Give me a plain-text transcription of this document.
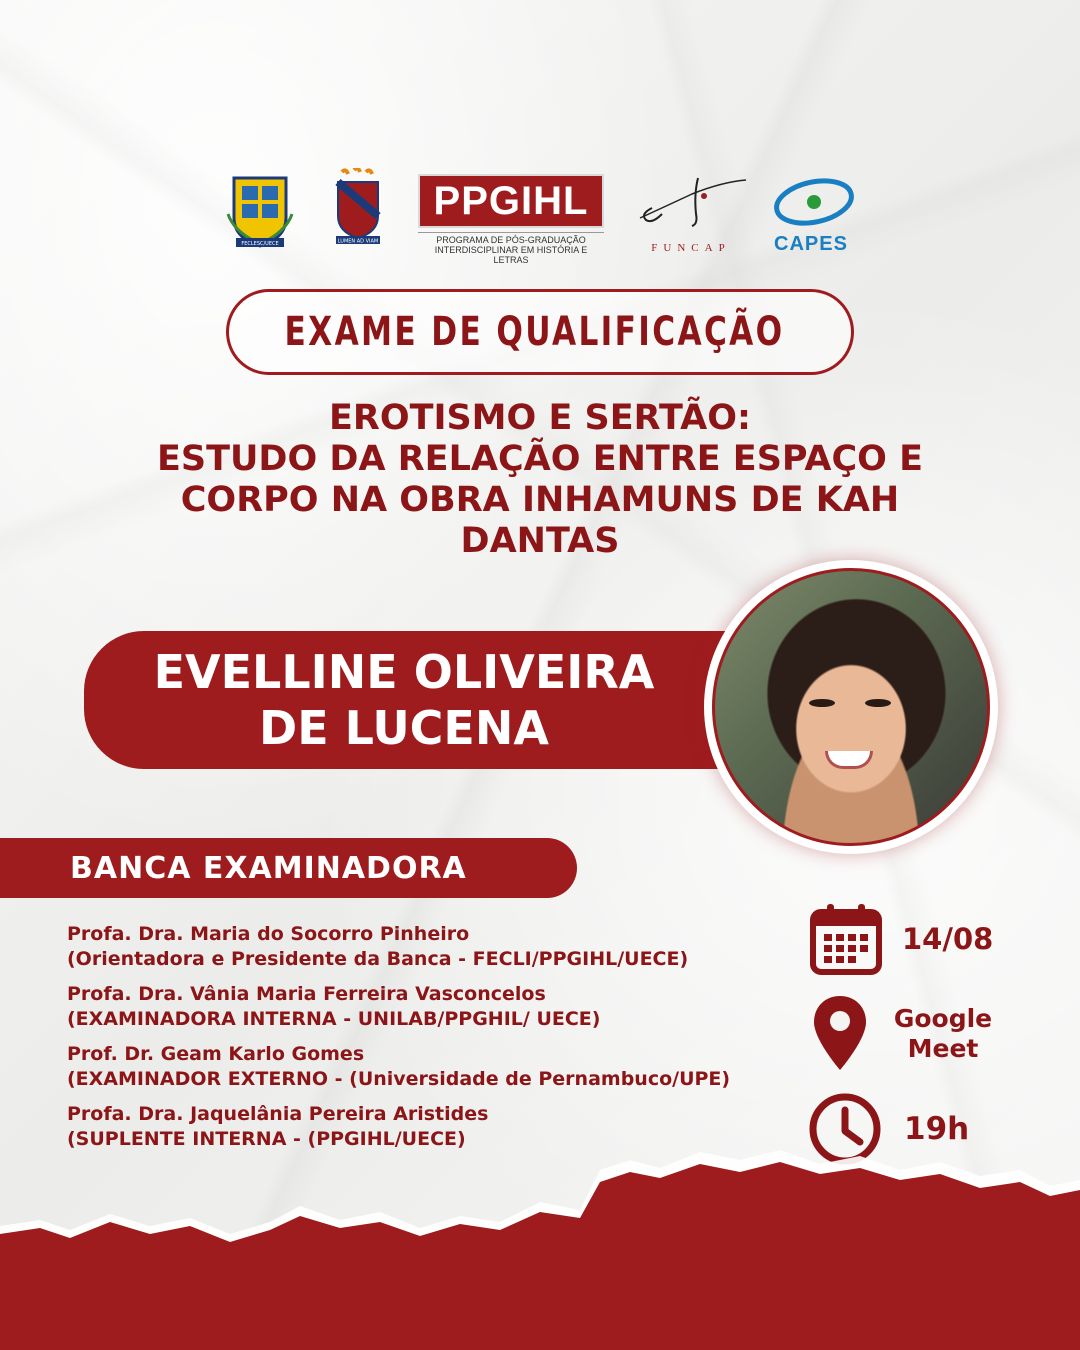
FECLESC/UECE	LUMEN AD VIAM
PPGIHL
PROGRAMA DE PÓS-GRADUAÇÃO
INTERDISCIPLINAR EM HISTÓRIA E LETRAS
FUNCAP	CAPES
EXAME DE QUALIFICAÇÃO
EROTISMO E SERTÃO:
ESTUDO DA RELAÇÃO ENTRE ESPAÇO E
CORPO NA OBRA INHAMUNS DE KAH
DANTAS
EVELLINE OLIVEIRA
DE LUCENA
BANCA EXAMINADORA
Profa. Dra. Maria do Socorro Pinheiro
(Orientadora e Presidente da Banca - FECLI/PPGIHL/UECE)
Profa. Dra. Vânia Maria Ferreira Vasconcelos
(EXAMINADORA INTERNA - UNILAB/PPGHIL/ UECE)
Prof. Dr. Geam Karlo Gomes
(EXAMINADOR EXTERNO - (Universidade de Pernambuco/UPE)
Profa. Dra. Jaquelânia Pereira Aristides
(SUPLENTE INTERNA - (PPGIHL/UECE)
14/08
Google
Meet
19h
